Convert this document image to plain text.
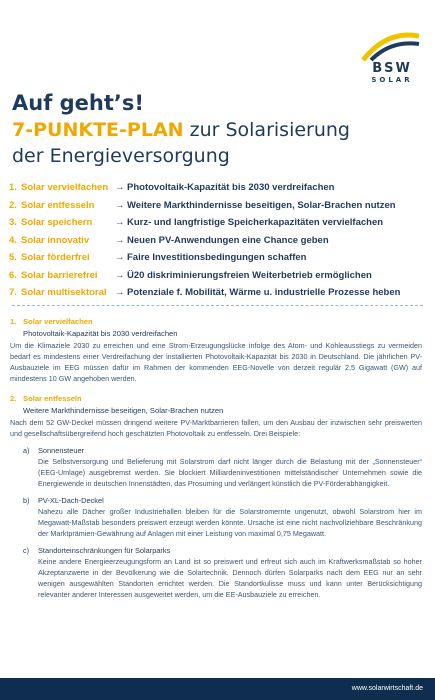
BSW
SOLAR
Auf geht’s!
7-PUNKTE-PLAN zur Solarisierung
der Energieversorgung
1. Solar vervielfachen → Photovoltaik-Kapazität bis 2030 verdreifachen
2. Solar entfesseln	→ Weitere Markthindernisse beseitigen, Solar-Brachen nutzen
3. Solar speichern	→ Kurz- und langfristige Speicherkapazitäten vervielfachen
4. Solar innovativ	→ Neuen PV-Anwendungen eine Chance geben
5. Solar förderfrei	→ Faire Investitionsbedingungen schaffen
6. Solar barrierefrei	→ Ü20 diskriminierungsfreien Weiterbetrieb ermöglichen
7. Solar multisektoral → Potenziale f. Mobilität, Wärme u. industrielle Prozesse heben
1. Solar vervielfachen
Photovoltaik-Kapazität bis 2030 verdreifachen
Um die Klimaziele 2030 zu erreichen und eine Strom-Erzeugungslücke infolge des Atom- und Kohleausstiegs zu vermeiden bedarf es mindestens einer Verdreifachung der installierten Photovoltaik-Kapazität bis 2030 in Deutschland. Die jährlichen PV-Ausbauziele im EEG müssen dafür im Rahmen der kommenden EEG-Novelle von derzeit regulär 2,5 Gigawatt (GW) auf mindestens 10 GW angehoben werden.
2. Solar entfesseln
Weitere Markthindernisse beseitigen, Solar-Brachen nutzen
Nach dem 52 GW-Deckel müssen dringend weitere PV-Marktbarrieren fallen, um den Ausbau der inzwischen sehr preiswerten und gesellschaftsübergreifend hoch geschätzten Photovoltaik zu entfesseln. Drei Beispiele:
a)	Sonnensteuer
Die Selbstversorgung und Belieferung mit Solarstrom darf nicht länger durch die Belastung mit der „Sonnensteuer“ (EEG-Umlage) ausgebremst werden. Sie blockiert Milliardeninvestitionen mittelständischer Unternehmen sowie die Energiewende in deutschen Innenstädten, das Prosuming und verlängert künstlich die PV-Förderabhängigkeit.
b)	PV-XL-Dach-Deckel
Nahezu alle Dächer großer Industriehallen bleiben für die Solarstromernte ungenutzt, obwohl Solarstrom hier im Megawatt-Maßstab besonders preiswert erzeugt werden könnte. Ursache ist eine nicht nachvollziehbare Beschränkung der Marktprämien-Gewährung auf Anlagen mit einer Leistung von maximal 0,75 Megawatt.
c)	Standorteinschränkungen für Solarparks
Keine andere Energieerzeugungsform an Land ist so preiswert und erfreut sich auch im Kraftwerksmaßstab so hoher Akzeptanzwerte in der Bevölkerung wie die Solartechnik. Dennoch dürfen Solarparks nach dem EEG nur an sehr wenigen ausgewählten Standorten errichtet werden. Die Standortkulisse muss und kann unter Berücksichtigung relevanter anderer Interessen ausgeweitet werden, um die EE-Ausbauziele zu erreichen.
www.solarwirtschaft.de
